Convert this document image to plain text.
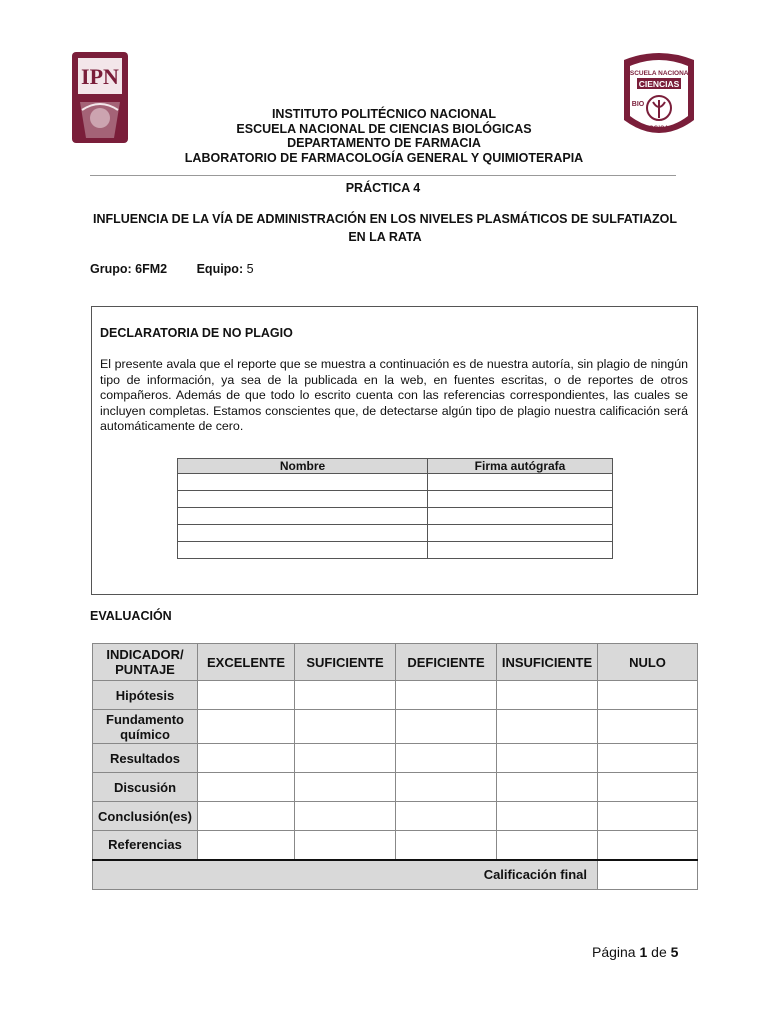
IPN	ESCUELA NACIONAL
CIENCIAS
BIO
LOGICAS
INSTITUTO POLITÉCNICO NACIONAL
ESCUELA NACIONAL DE CIENCIAS BIOLÓGICAS
DEPARTAMENTO DE FARMACIA
LABORATORIO DE FARMACOLOGÍA GENERAL Y QUIMIOTERAPIA
PRÁCTICA 4
INFLUENCIA DE LA VÍA DE ADMINISTRACIÓN EN LOS NIVELES PLASMÁTICOS DE SULFATIAZOL EN LA RATA
Grupo: 6FM2 Equipo: 5
DECLARATORIA DE NO PLAGIO
El presente avala que el reporte que se muestra a continuación es de nuestra autoría, sin plagio de ningún tipo de información, ya sea de la publicada en la web, en fuentes escritas, o de reportes de otros compañeros. Además de que todo lo escrito cuenta con las referencias correspondientes, las cuales se incluyen completas. Estamos conscientes que, de detectarse algún tipo de plagio nuestra calificación será automáticamente de cero.
Nombre	Firma autógrafa

EVALUACIÓN
INDICADOR/
PUNTAJE	EXCELENTE	SUFICIENTE	DEFICIENTE	INSUFICIENTE	NULO

Hipótesis					

Fundamento
químico					

Resultados					

Discusión					

Conclusión(es)					

Referencias					

Calificación final					
Página 1 de 5
